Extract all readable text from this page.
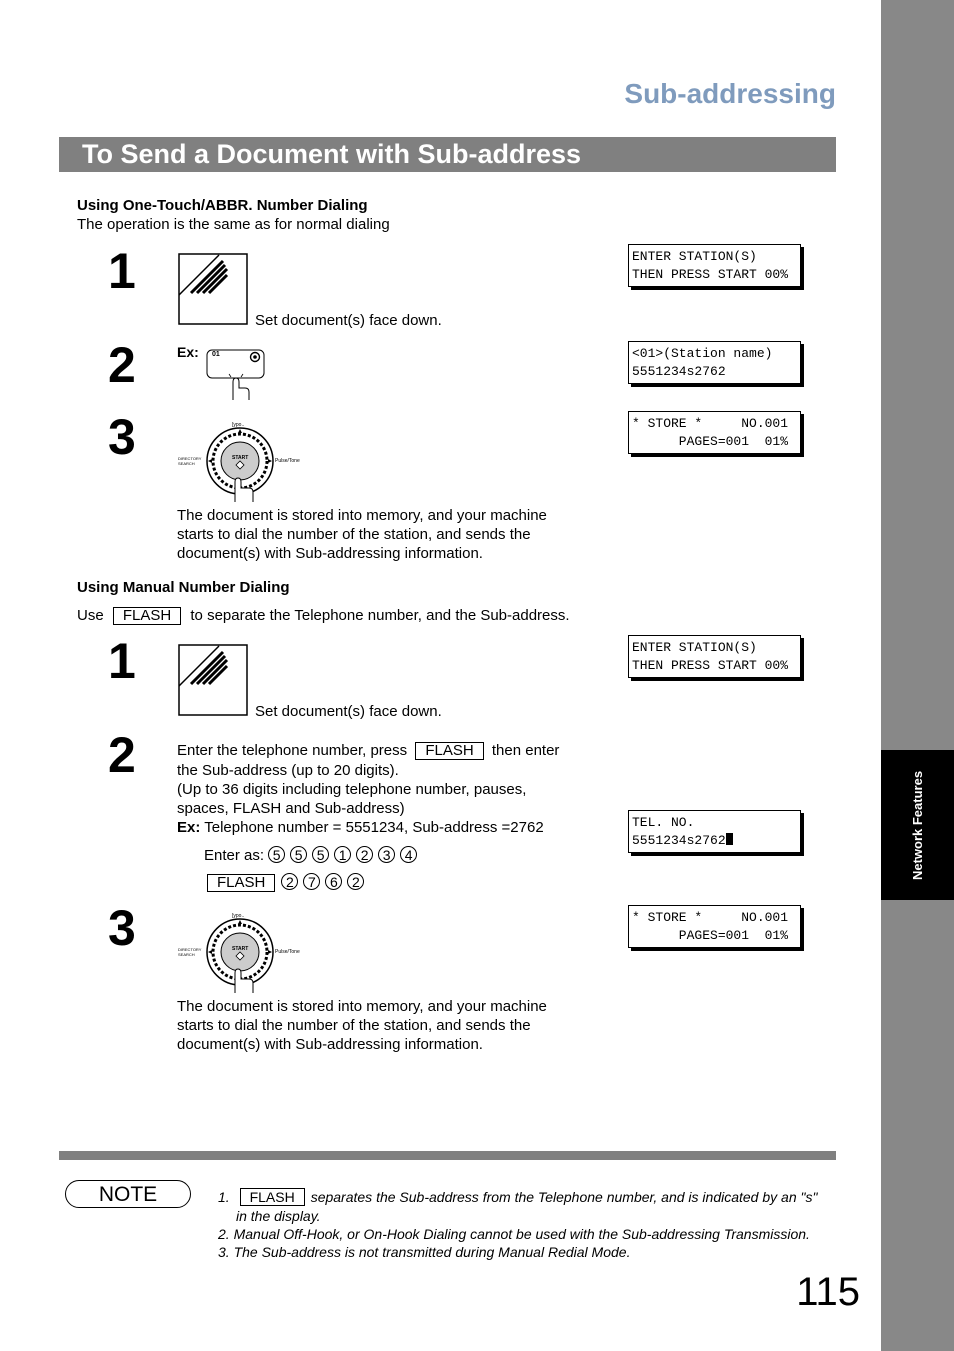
Network Features
Sub-addressing
To Send a Document with Sub-address
Using One-Touch/ABBR. Number Dialing
The operation is the same as for normal dialing
1
Set document(s) face down.
ENTER STATION(S)
THEN PRESS START 00%
2	Ex: 01	<01>(Station name)
5551234s2762
3	[ypo..
START
DIRECTORY
SEARCH	Pulse/Tone
* STORE *     NO.001
PAGES=001  01%
The document is stored into memory, and your machine
starts to dial the number of the station, and sends the
document(s) with Sub-addressing information.
Using Manual Number Dialing
Use FLASH to separate the Telephone number, and the Sub-address.
1
Set document(s) face down.
ENTER STATION(S)
THEN PRESS START 00%
2	Enter the telephone number, press FLASH then enter
the Sub-address (up to 20 digits).
(Up to 36 digits including telephone number, pauses,
spaces, FLASH and Sub-address)
Ex: Telephone number = 5551234, Sub-address =2762
Enter as: 5 5 5 1 2 3 4
FLASH 2 7 6 2
TEL. NO.
5551234s2762
3	[ypo..
START
DIRECTORY
SEARCH	Pulse/Tone
* STORE *     NO.001
PAGES=001  01%
The document is stored into memory, and your machine
starts to dial the number of the station, and sends the
document(s) with Sub-addressing information.
NOTE	1. FLASH separates the Sub-address from the Telephone number, and is indicated by an "s"
in the display.
2. Manual Off-Hook, or On-Hook Dialing cannot be used with the Sub-addressing Transmission.
3. The Sub-address is not transmitted during Manual Redial Mode.
115
